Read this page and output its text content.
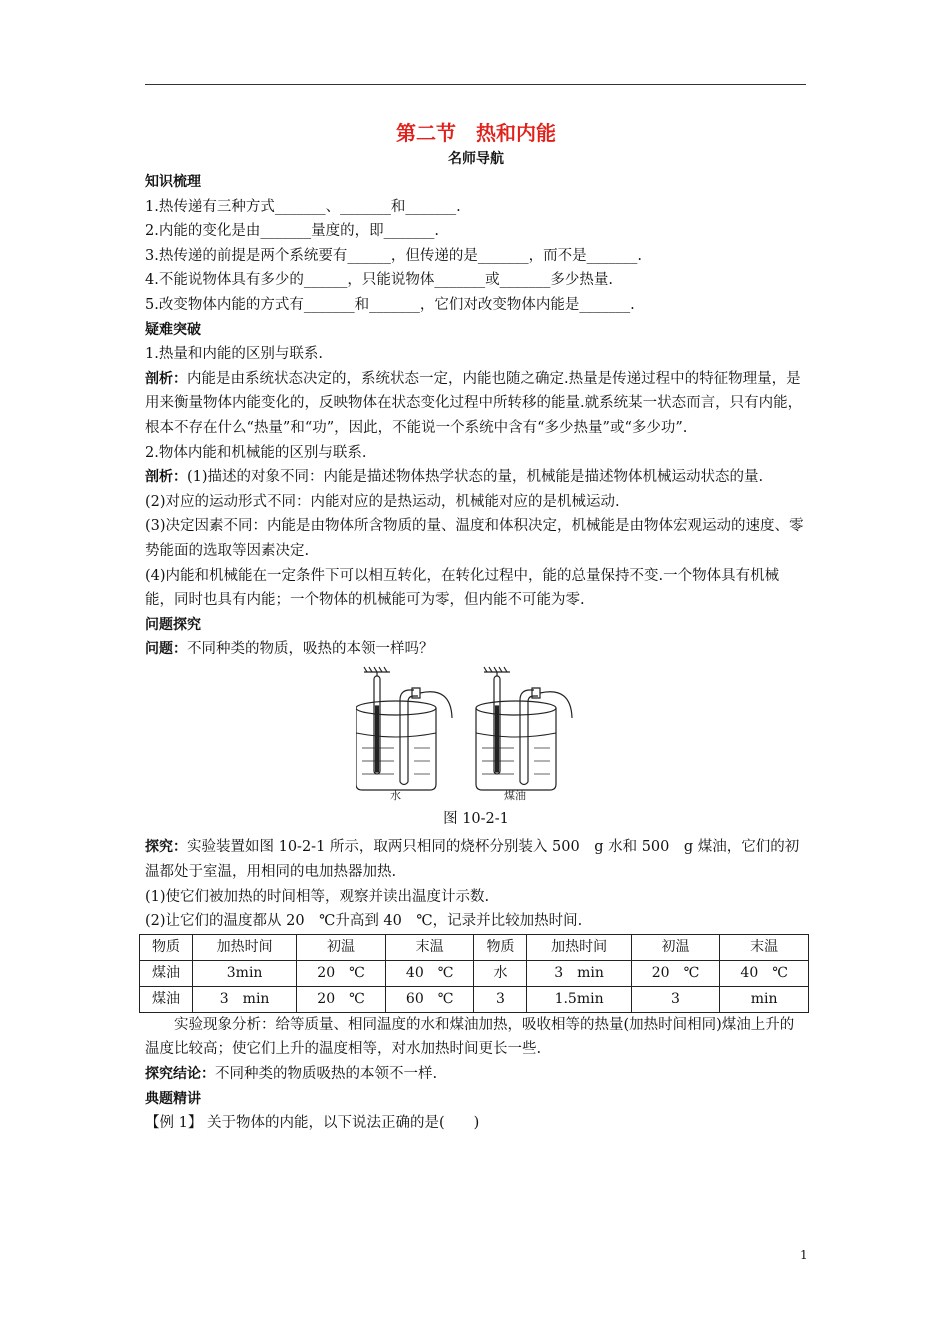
第二节　热和内能
名师导航

知识梳理

1.热传递有三种方式_______、_______和_______.

2.内能的变化是由_______量度的，即_______.

3.热传递的前提是两个系统要有______，但传递的是_______，而不是_______.

4.不能说物体具有多少的______，只能说物体_______或_______多少热量.

5.改变物体内能的方式有_______和_______，它们对改变物体内能是_______.

疑难突破

1.热量和内能的区别与联系.

剖析：内能是由系统状态决定的，系统状态一定，内能也随之确定.热量是传递过程中的特征物理量，是用来衡量物体内能变化的，反映物体在状态变化过程中所转移的能量.就系统某一状态而言，只有内能，根本不存在什么“热量”和“功”，因此，不能说一个系统中含有“多少热量”或“多少功”.

2.物体内能和机械能的区别与联系.

剖析：(1)描述的对象不同：内能是描述物体热学状态的量，机械能是描述物体机械运动状态的量.

(2)对应的运动形式不同：内能对应的是热运动，机械能对应的是机械运动.

(3)决定因素不同：内能是由物体所含物质的量、温度和体积决定，机械能是由物体宏观运动的速度、零势能面的选取等因素决定.

(4)内能和机械能在一定条件下可以相互转化，在转化过程中，能的总量保持不变.一个物体具有机械能，同时也具有内能；一个物体的机械能可为零，但内能不可能为零.

问题探究

问题：不同种类的物质，吸热的本领一样吗？

水	煤油
图 10-2-1

探究：实验装置如图 10-2-1 所示，取两只相同的烧杯分别装入 500　g 水和 500　g 煤油，它们的初温都处于室温，用相同的电加热器加热.

(1)使它们被加热的时间相等，观察并读出温度计示数.

(2)让它们的温度都从 20　℃升高到 40　℃，记录并比较加热时间.

物质	加热时间	初温	末温	物质	加热时间	初温	末温
煤油	3min	20　℃	40　℃	水	3　min	20　℃	40　℃
煤油	3　min	20　℃	60　℃	3	1.5min	3	min

实验现象分析：给等质量、相同温度的水和煤油加热，吸收相等的热量(加热时间相同)煤油上升的温度比较高；使它们上升的温度相等，对水加热时间更长一些.

探究结论：不同种类的物质吸热的本领不一样.

典题精讲

【例 1】 关于物体的内能，以下说法正确的是(　　)

1
